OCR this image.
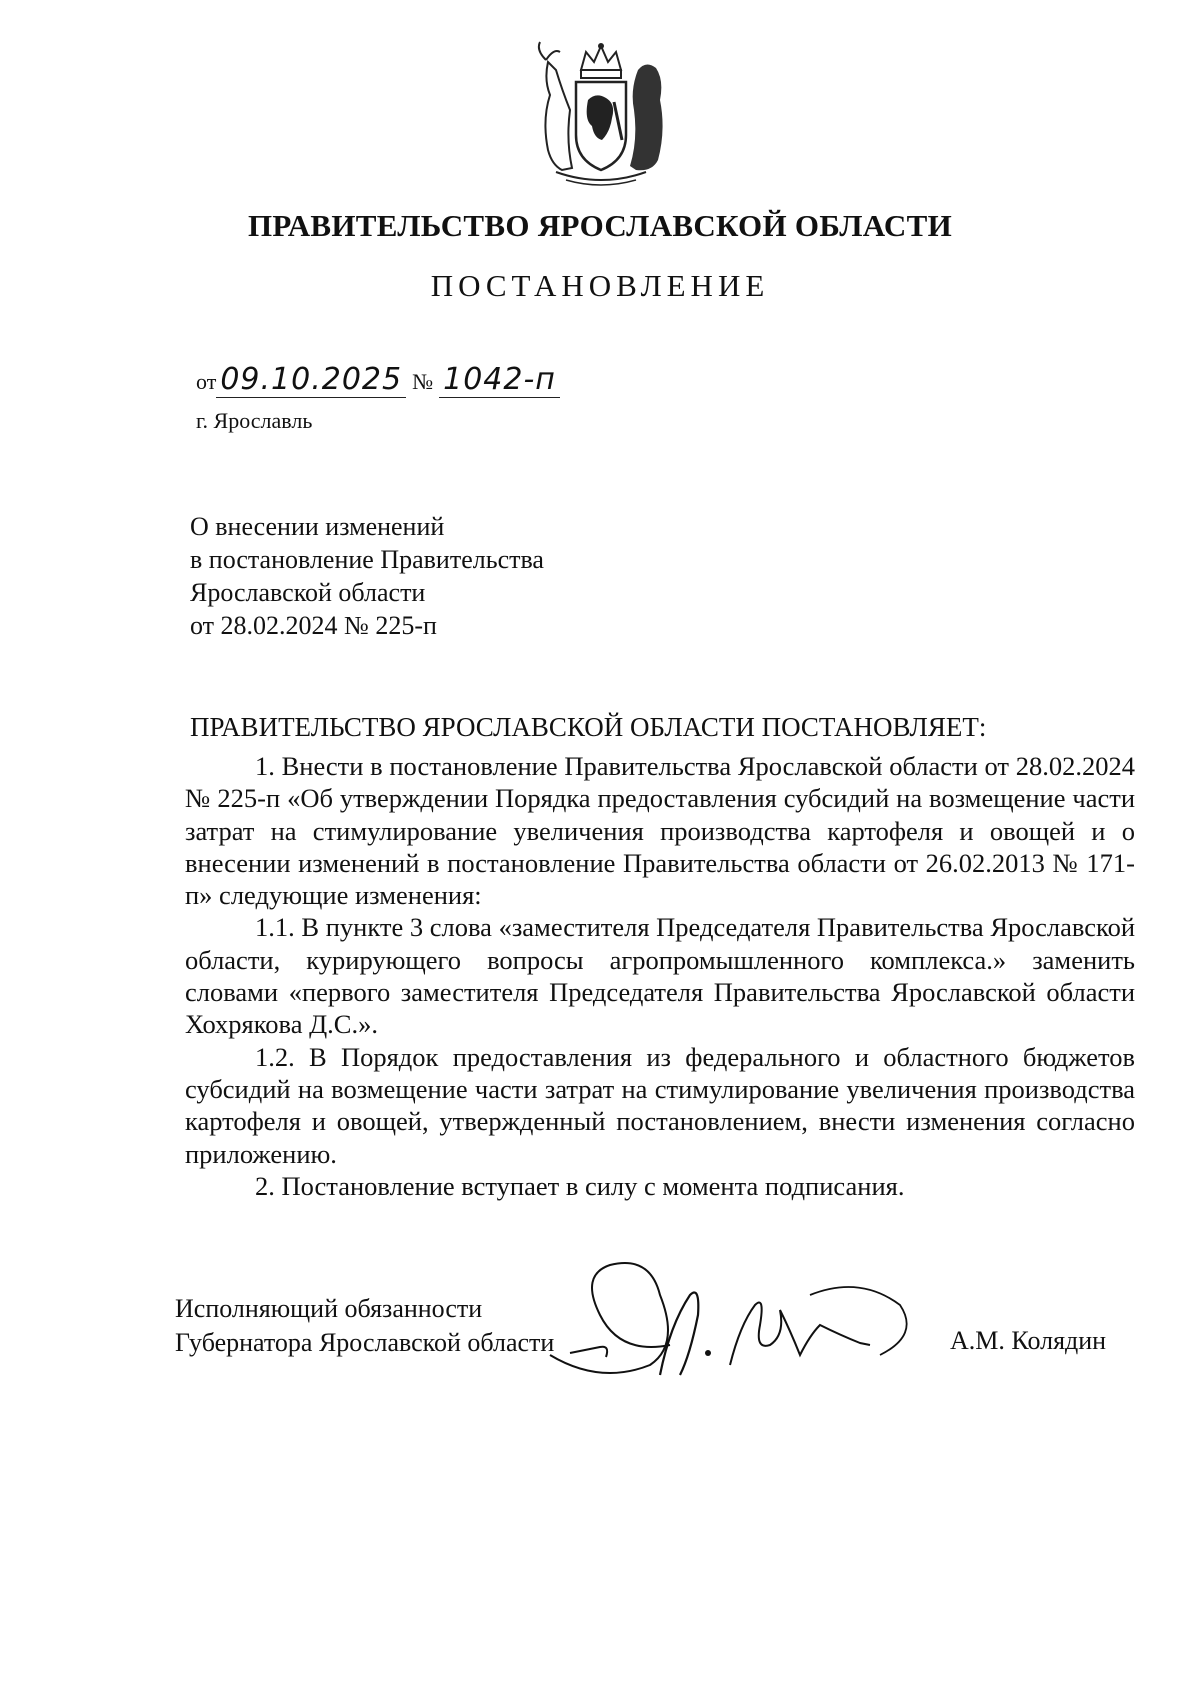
ПРАВИТЕЛЬСТВО ЯРОСЛАВСКОЙ ОБЛАСТИ
ПОСТАНОВЛЕНИЕ
от 09.10.2025 № 1042-п
г. Ярославль
О внесении изменений
в постановление Правительства
Ярославской области
от 28.02.2024 № 225-п
ПРАВИТЕЛЬСТВО ЯРОСЛАВСКОЙ ОБЛАСТИ ПОСТАНОВЛЯЕТ:

1. Внести в постановление Правительства Ярославской области от 28.02.2024 № 225-п «Об утверждении Порядка предоставления субсидий на возмещение части затрат на стимулирование увеличения производства картофеля и овощей и о внесении изменений в постановление Правительства области от 26.02.2013 № 171-п» следующие изменения:

1.1. В пункте 3 слова «заместителя Председателя Правительства Ярославской области, курирующего вопросы агропромышленного комплекса.» заменить словами «первого заместителя Председателя Правительства Ярославской области Хохрякова Д.С.».

1.2. В Порядок предоставления из федерального и областного бюджетов субсидий на возмещение части затрат на стимулирование увеличения производства картофеля и овощей, утвержденный постановлением, внести изменения согласно приложению.

2. Постановление вступает в силу с момента подписания.

Исполняющий обязанности
Губернатора Ярославской области	А.М. Колядин
